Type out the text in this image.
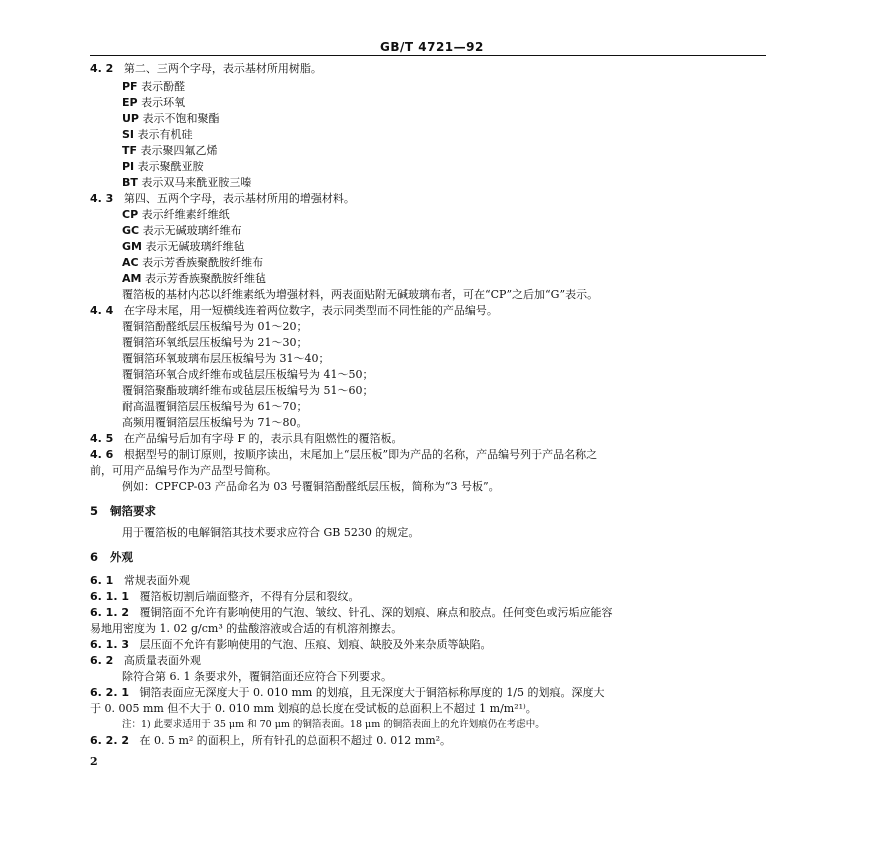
GB/T 4721—92
4. 2 第二、三两个字母，表示基材所用树脂。
PF 表示酚醛
EP 表示环氧
UP 表示不饱和聚酯
SI 表示有机硅
TF 表示聚四氟乙烯
PI 表示聚酰亚胺
BT 表示双马来酰亚胺三嗪
4. 3 第四、五两个字母，表示基材所用的增强材料。
CP 表示纤维素纤维纸
GC 表示无碱玻璃纤维布
GM 表示无碱玻璃纤维毡
AC 表示芳香族聚酰胺纤维布
AM 表示芳香族聚酰胺纤维毡
覆箔板的基材内芯以纤维素纸为增强材料，两表面贴附无碱玻璃布者，可在“CP”之后加“G”表示。
4. 4 在字母末尾，用一短横线连着两位数字，表示同类型而不同性能的产品编号。
覆铜箔酚醛纸层压板编号为 01～20；
覆铜箔环氧纸层压板编号为 21～30；
覆铜箔环氧玻璃布层压板编号为 31～40；
覆铜箔环氧合成纤维布或毡层压板编号为 41～50；
覆铜箔聚酯玻璃纤维布或毡层压板编号为 51～60；
耐高温覆铜箔层压板编号为 61～70；
高频用覆铜箔层压板编号为 71～80。
4. 5 在产品编号后加有字母 F 的，表示具有阻燃性的覆箔板。
4. 6 根据型号的制订原则，按顺序读出，末尾加上“层压板”即为产品的名称，产品编号列于产品名称之
前，可用产品编号作为产品型号简称。
例如：CPFCP-03 产品命名为 03 号覆铜箔酚醛纸层压板，简称为“3 号板”。
5 铜箔要求
用于覆箔板的电解铜箔其技术要求应符合 GB 5230 的规定。
6 外观
6. 1 常规表面外观
6. 1. 1 覆箔板切割后端面整齐，不得有分层和裂纹。
6. 1. 2 覆铜箔面不允许有影响使用的气泡、皱纹、针孔、深的划痕、麻点和胶点。任何变色或污垢应能容
易地用密度为 1. 02 g/cm³ 的盐酸溶液或合适的有机溶剂擦去。
6. 1. 3 层压面不允许有影响使用的气泡、压痕、划痕、缺胶及外来杂质等缺陷。
6. 2 高质量表面外观
除符合第 6. 1 条要求外，覆铜箔面还应符合下列要求。
6. 2. 1 铜箔表面应无深度大于 0. 010 mm 的划痕，且无深度大于铜箔标称厚度的 1/5 的划痕。深度大
于 0. 005 mm 但不大于 0. 010 mm 划痕的总长度在受试板的总面积上不超过 1 m/m²¹⁾。
注：1) 此要求适用于 35 μm 和 70 μm 的铜箔表面。18 μm 的铜箔表面上的允许划痕仍在考虑中。
6. 2. 2 在 0. 5 m² 的面积上，所有针孔的总面积不超过 0. 012 mm²。
2
